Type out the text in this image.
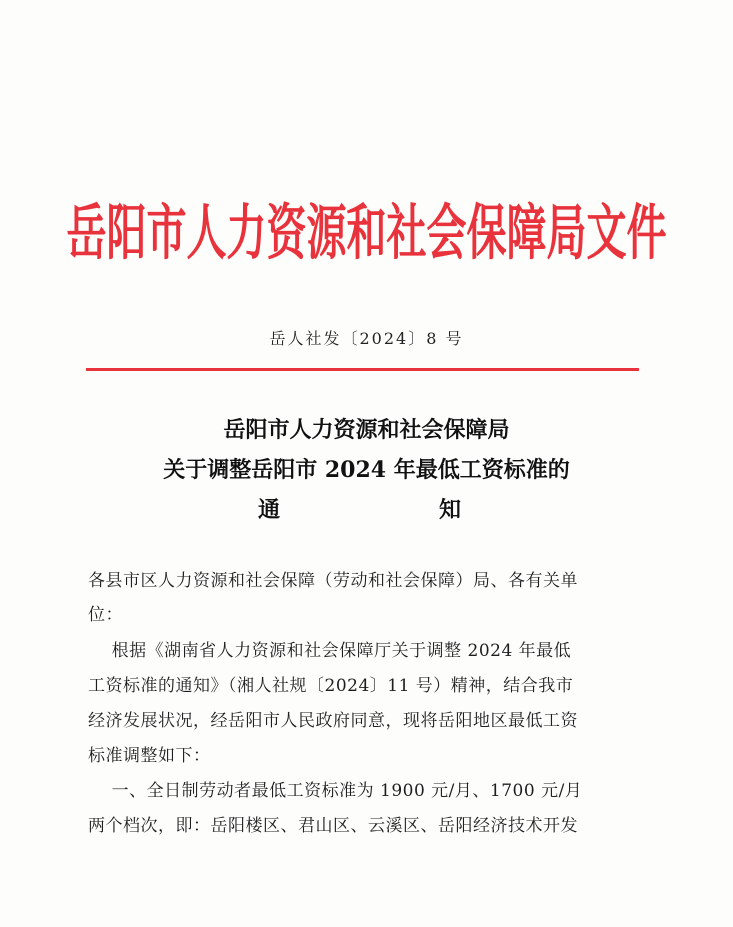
岳阳市人力资源和社会保障局文件
岳人社发〔2024〕8 号
岳阳市人力资源和社会保障局
关于调整岳阳市 2024 年最低工资标准的
通	知
各县市区人力资源和社会保障（劳动和社会保障）局、各有关单
位：
根据《湖南省人力资源和社会保障厅关于调整 2024 年最低
工资标准的通知》（湘人社规〔2024〕11 号）精神，结合我市
经济发展状况，经岳阳市人民政府同意，现将岳阳地区最低工资
标准调整如下：
一、全日制劳动者最低工资标准为 1900 元/月、1700 元/月
两个档次，即：岳阳楼区、君山区、云溪区、岳阳经济技术开发
